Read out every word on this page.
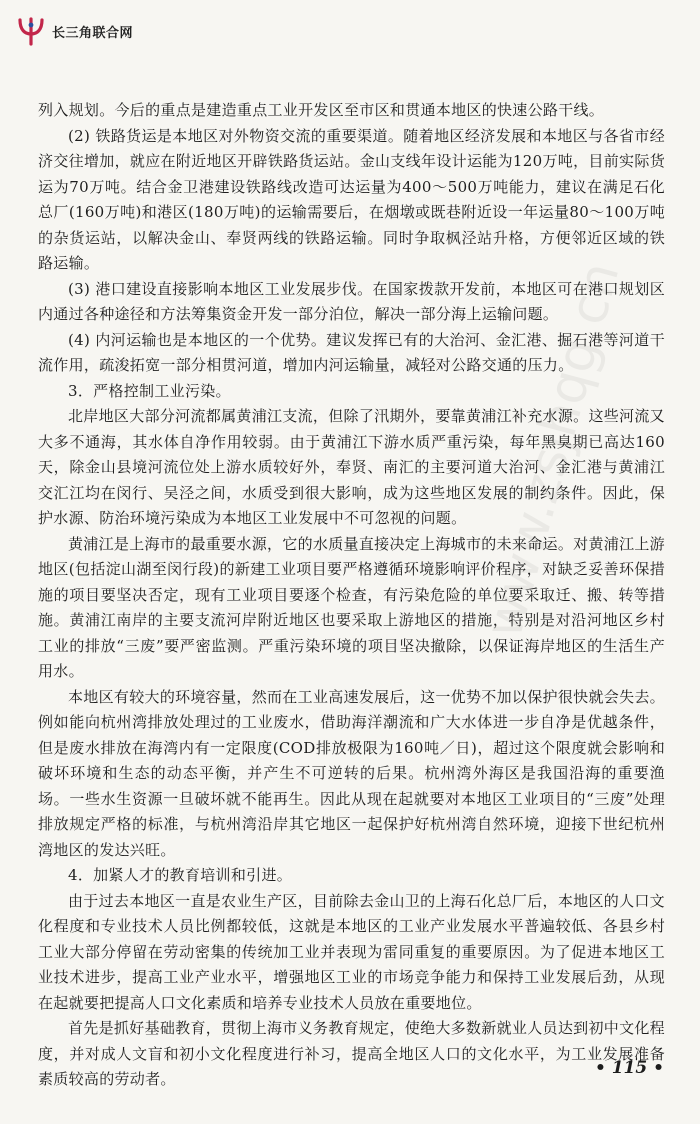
长三角联合网
www.zsjhqg.cn

列入规划。今后的重点是建造重点工业开发区至市区和贯通本地区的快速公路干线。

(2) 铁路货运是本地区对外物资交流的重要渠道。随着地区经济发展和本地区与各省市经济交往增加，就应在附近地区开辟铁路货运站。金山支线年设计运能为120万吨，目前实际货运为70万吨。结合金卫港建设铁路线改造可达运量为400～500万吨能力，建议在满足石化总厂(160万吨)和港区(180万吨)的运输需要后，在烟墩或既巷附近设一年运量80～100万吨的杂货运站，以解决金山、奉贤两线的铁路运输。同时争取枫泾站升格，方便邻近区域的铁路运输。

(3) 港口建设直接影响本地区工业发展步伐。在国家拨款开发前，本地区可在港口规划区内通过各种途径和方法筹集资金开发一部分泊位，解决一部分海上运输问题。

(4) 内河运输也是本地区的一个优势。建议发挥已有的大治河、金汇港、掘石港等河道干流作用，疏浚拓宽一部分相贯河道，增加内河运输量，减轻对公路交通的压力。

3．严格控制工业污染。

北岸地区大部分河流都属黄浦江支流，但除了汛期外，要靠黄浦江补充水源。这些河流又大多不通海，其水体自净作用较弱。由于黄浦江下游水质严重污染，每年黑臭期已高达160天，除金山县境河流位处上游水质较好外，奉贤、南汇的主要河道大治河、金汇港与黄浦江交汇江均在闵行、吴泾之间，水质受到很大影响，成为这些地区发展的制约条件。因此，保护水源、防治环境污染成为本地区工业发展中不可忽视的问题。

黄浦江是上海市的最重要水源，它的水质量直接决定上海城市的未来命运。对黄浦江上游地区(包括淀山湖至闵行段)的新建工业项目要严格遵循环境影响评价程序，对缺乏妥善环保措施的项目要坚决否定，现有工业项目要逐个检查，有污染危险的单位要采取迁、搬、转等措施。黄浦江南岸的主要支流河岸附近地区也要采取上游地区的措施，特别是对沿河地区乡村工业的排放“三废”要严密监测。严重污染环境的项目坚决撤除，以保证海岸地区的生活生产用水。

本地区有较大的环境容量，然而在工业高速发展后，这一优势不加以保护很快就会失去。例如能向杭州湾排放处理过的工业废水，借助海洋潮流和广大水体进一步自净是优越条件，但是废水排放在海湾内有一定限度(COD排放极限为160吨／日)，超过这个限度就会影响和破坏环境和生态的动态平衡，并产生不可逆转的后果。杭州湾外海区是我国沿海的重要渔场。一些水生资源一旦破坏就不能再生。因此从现在起就要对本地区工业项目的“三废”处理排放规定严格的标准，与杭州湾沿岸其它地区一起保护好杭州湾自然环境，迎接下世纪杭州湾地区的发达兴旺。

4．加紧人才的教育培训和引进。

由于过去本地区一直是农业生产区，目前除去金山卫的上海石化总厂后，本地区的人口文化程度和专业技术人员比例都较低，这就是本地区的工业产业发展水平普遍较低、各县乡村工业大部分停留在劳动密集的传统加工业并表现为雷同重复的重要原因。为了促进本地区工业技术进步，提高工业产业水平，增强地区工业的市场竞争能力和保持工业发展后劲，从现在起就要把提高人口文化素质和培养专业技术人员放在重要地位。

首先是抓好基础教育，贯彻上海市义务教育规定，使绝大多数新就业人员达到初中文化程度，并对成人文盲和初小文化程度进行补习，提高全地区人口的文化水平，为工业发展准备素质较高的劳动者。

• 115 •
